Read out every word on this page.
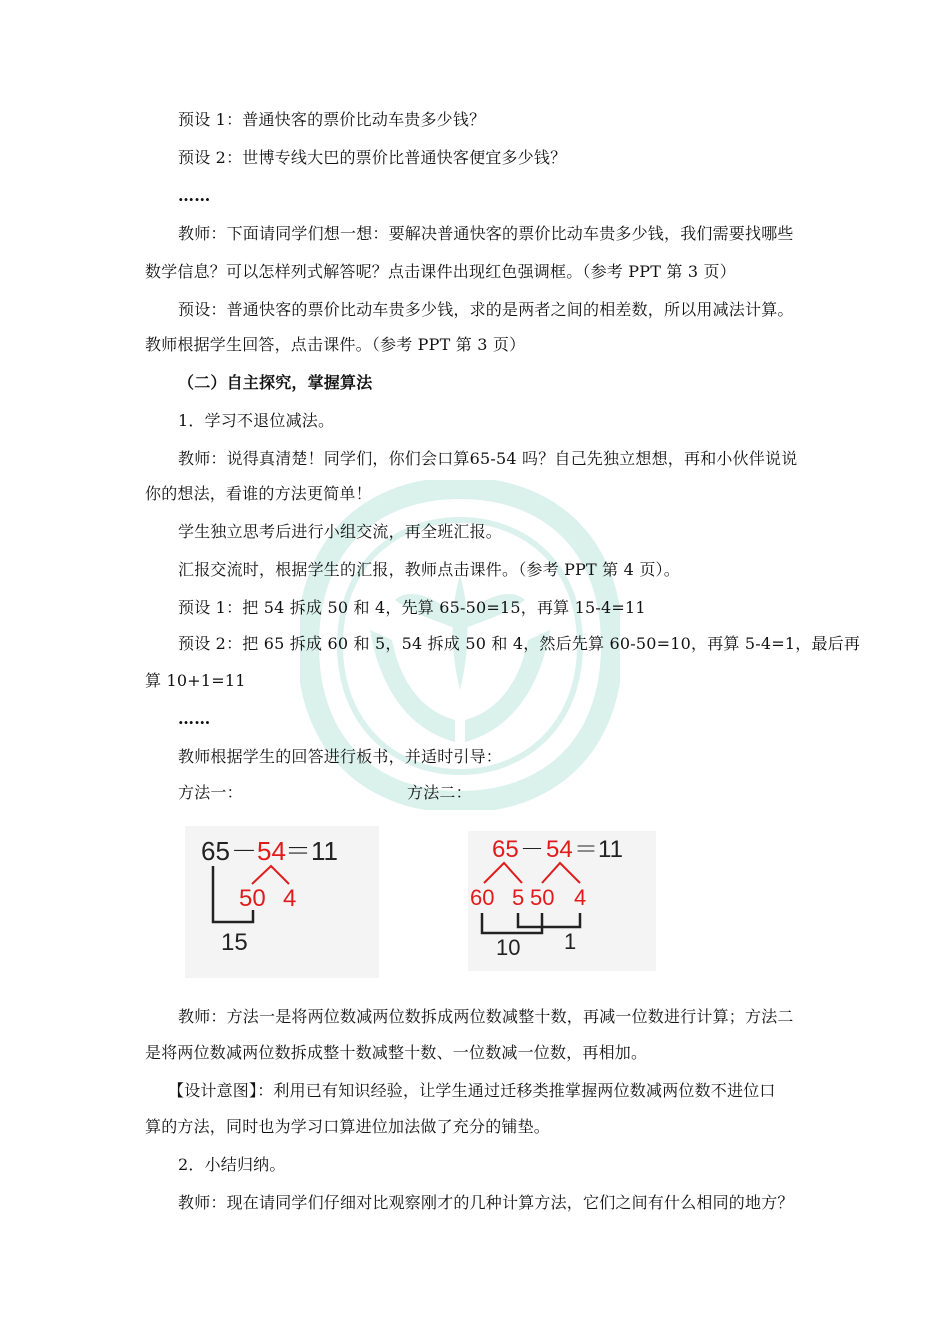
预设 1：普通快客的票价比动车贵多少钱？
预设 2：世博专线大巴的票价比普通快客便宜多少钱？
……
教师：下面请同学们想一想：要解决普通快客的票价比动车贵多少钱，我们需要找哪些
数学信息？可以怎样列式解答呢？点击课件出现红色强调框。（参考 PPT 第 3 页）
预设：普通快客的票价比动车贵多少钱，求的是两者之间的相差数，所以用减法计算。
教师根据学生回答，点击课件。（参考 PPT 第 3 页）
（二）自主探究，掌握算法
1．学习不退位减法。
教师：说得真清楚！同学们，你们会口算65-54 吗？自己先独立想想，再和小伙伴说说
你的想法，看谁的方法更简单！
学生独立思考后进行小组交流，再全班汇报。
汇报交流时，根据学生的汇报，教师点击课件。（参考 PPT 第 4 页）。
预设 1：把 54 拆成 50 和 4，先算 65-50=15，再算 15-4=11
预设 2：把 65 拆成 60 和 5，54 拆成 50 和 4，然后先算 60-50=10，再算 5-4=1，最后再
算 10+1=11
……
教师根据学生的回答进行板书，并适时引导：
方法一：	方法二：
65 － 54 ＝ 11
50 4
15
65 － 54 ＝ 11
60 5 50 4
10 1
教师：方法一是将两位数减两位数拆成两位数减整十数，再减一位数进行计算；方法二
是将两位数减两位数拆成整十数减整十数、一位数减一位数，再相加。
【设计意图】：利用已有知识经验，让学生通过迁移类推掌握两位数减两位数不进位口
算的方法，同时也为学习口算进位加法做了充分的铺垫。
2．小结归纳。
教师：现在请同学们仔细对比观察刚才的几种计算方法，它们之间有什么相同的地方？
